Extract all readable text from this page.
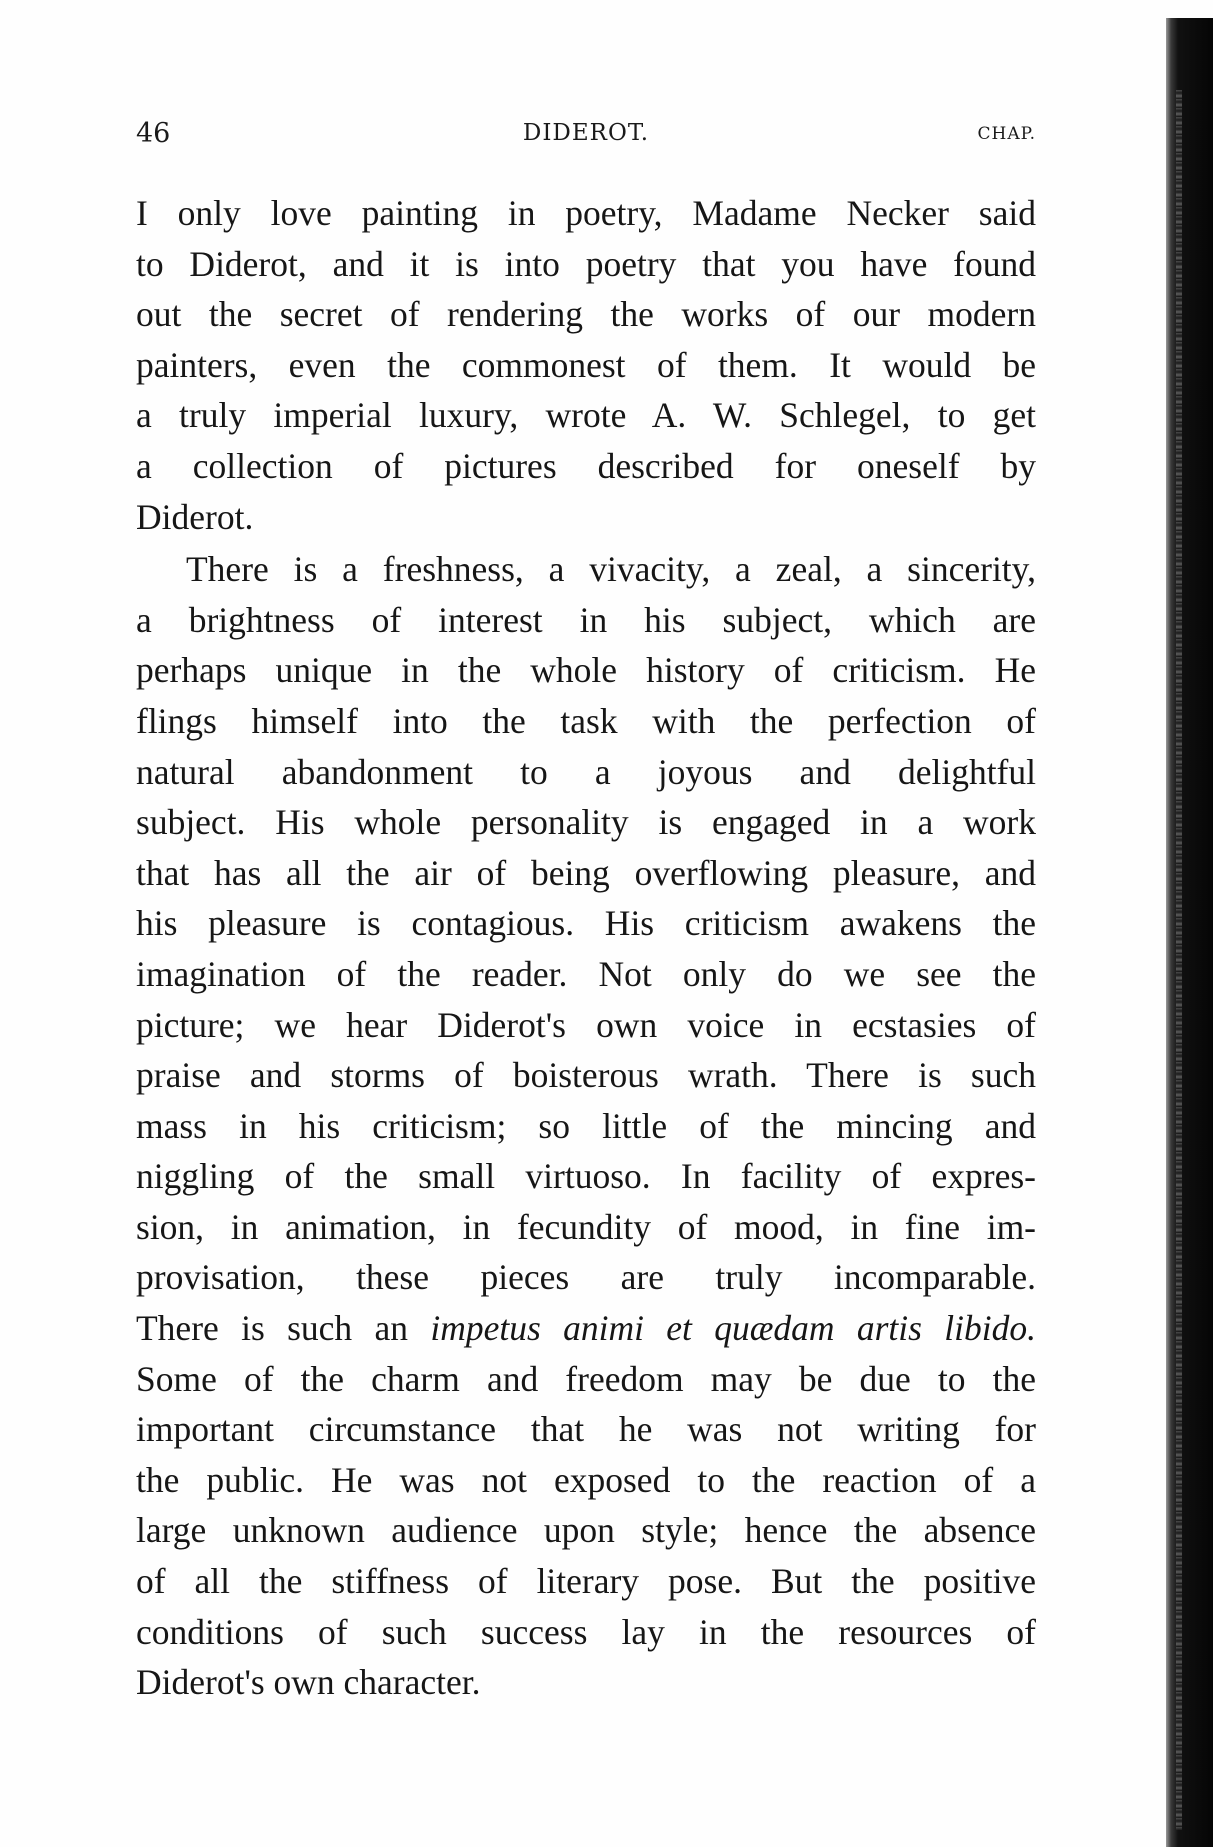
46	DIDEROT.	CHAP.
I only love painting in poetry, Madame Necker said
to Diderot, and it is into poetry that you have found
out the secret of rendering the works of our modern
painters, even the commonest of them. It would be
a truly imperial luxury, wrote A. W. Schlegel, to get
a collection of pictures described for oneself by
Diderot.
There is a freshness, a vivacity, a zeal, a sincerity,
a brightness of interest in his subject, which are
perhaps unique in the whole history of criticism. He
flings himself into the task with the perfection of
natural abandonment to a joyous and delightful
subject. His whole personality is engaged in a work
that has all the air of being overflowing pleasure, and
his pleasure is contagious. His criticism awakens the
imagination of the reader. Not only do we see the
picture; we hear Diderot's own voice in ecstasies of
praise and storms of boisterous wrath. There is such
mass in his criticism; so little of the mincing and
niggling of the small virtuoso. In facility of expres-
sion, in animation, in fecundity of mood, in fine im-
provisation, these pieces are truly incomparable.
There is such an impetus animi et quædam artis libido.
Some of the charm and freedom may be due to the
important circumstance that he was not writing for
the public. He was not exposed to the reaction of a
large unknown audience upon style; hence the absence
of all the stiffness of literary pose. But the positive
conditions of such success lay in the resources of
Diderot's own character.
